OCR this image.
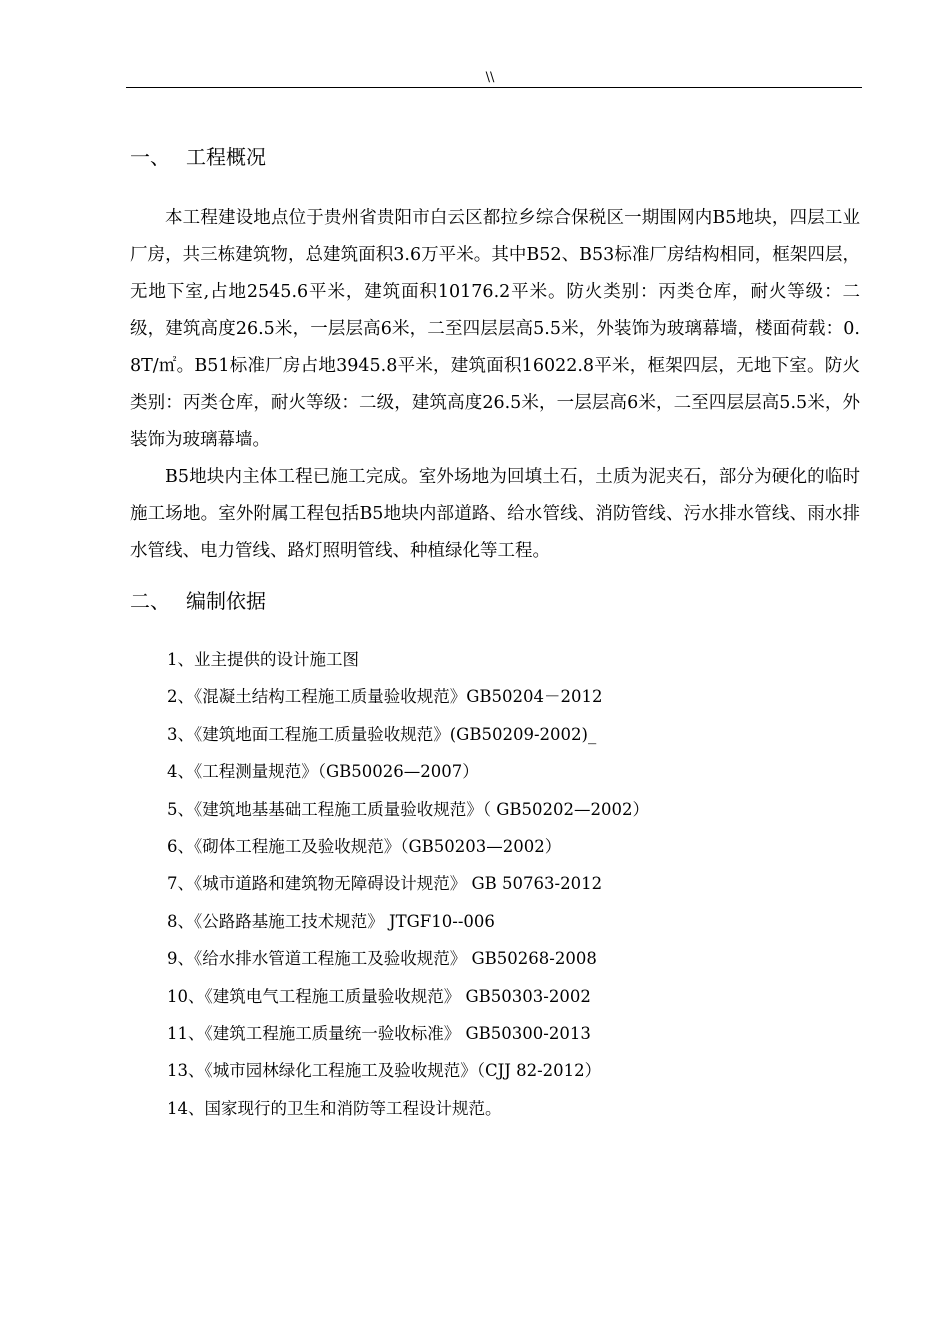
\\
一、 工程概况

本工程建设地点位于贵州省贵阳市白云区都拉乡综合保税区一期围网内B5地块，四层工业厂房，共三栋建筑物，总建筑面积3.6万平米。其中B52、B53标准厂房结构相同，框架四层，无地下室,占地2545.6平米，建筑面积10176.2平米。防火类别：丙类仓库，耐火等级：二级，建筑高度26.5米，一层层高6米，二至四层层高5.5米，外装饰为玻璃幕墙，楼面荷载：0.8T/㎡。B51标准厂房占地3945.8平米，建筑面积16022.8平米，框架四层，无地下室。防火类别：丙类仓库，耐火等级：二级，建筑高度26.5米，一层层高6米，二至四层层高5.5米，外装饰为玻璃幕墙。

B5地块内主体工程已施工完成。室外场地为回填土石，土质为泥夹石，部分为硬化的临时施工场地。室外附属工程包括B5地块内部道路、给水管线、消防管线、污水排水管线、雨水排水管线、电力管线、路灯照明管线、种植绿化等工程。

二、 编制依据
1、业主提供的设计施工图
2、《混凝土结构工程施工质量验收规范》GB50204－2012
3、《建筑地面工程施工质量验收规范》(GB50209-2002)_
4、《工程测量规范》（GB50026—2007）
5、《建筑地基基础工程施工质量验收规范》（ GB50202—2002）
6、《砌体工程施工及验收规范》（GB50203—2002）
7、《城市道路和建筑物无障碍设计规范》 GB 50763-2012
8、《公路路基施工技术规范》 JTGF10--006
9、《给水排水管道工程施工及验收规范》 GB50268-2008
10、《建筑电气工程施工质量验收规范》 GB50303-2002
11、《建筑工程施工质量统一验收标准》 GB50300-2013
13、《城市园林绿化工程施工及验收规范》（CJJ 82-2012）
14、国家现行的卫生和消防等工程设计规范。
